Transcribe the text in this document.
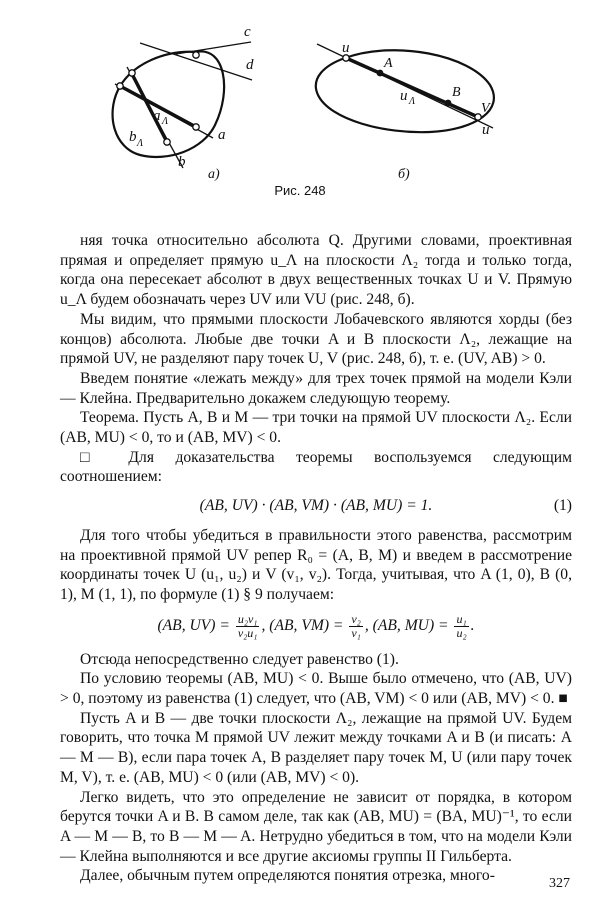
c
d
a Λ
b Λ
a
b
а)
u
A
u Λ
B
V
u
б)
Рис. 248

няя точка относительно абсолюта Q. Другими словами, проективная прямая и определяет прямую u_Λ на плоскости Λ₂ тогда и только тогда, когда она пересекает абсолют в двух вещественных точках U и V. Прямую u_Λ будем обозначать через UV или VU (рис. 248, б).

Мы видим, что прямыми плоскости Лобачевского являются хорды (без концов) абсолюта. Любые две точки A и B плоскости Λ₂, лежащие на прямой UV, не разделяют пару точек U, V (рис. 248, б), т. е. (UV, AB) > 0.

Введем понятие «лежать между» для трех точек прямой на модели Кэли — Клейна. Предварительно докажем следующую теорему.

Теорема. Пусть A, B и M — три точки на прямой UV плоскости Λ₂. Если (AB, MU) < 0, то и (AB, MV) < 0.

□ Для доказательства теоремы воспользуемся следующим соотношением:

(AB, UV) · (AB, VM) · (AB, MU) = 1.	(1)

Для того чтобы убедиться в правильности этого равенства, рассмотрим на проективной прямой UV репер R₀ = (A, B, M) и введем в рассмотрение координаты точек U (u₁, u₂) и V (v₁, v₂). Тогда, учитывая, что A (1, 0), B (0, 1), M (1, 1), по формуле (1) § 9 получаем:

(AB, $UV) = \frac{\text{u₂v₁}}{\text{v₂u₁}}$ , (AB, $VM) = \frac{\text{v₂}}{\text{v₁}}$ , (AB, $MU) = \frac{\text{u₁}}{\text{u₂}}$ .

Отсюда непосредственно следует равенство (1).

По условию теоремы (AB, MU) < 0. Выше было отмечено, что (AB, UV) > 0, поэтому из равенства (1) следует, что (AB, VM) < 0 или (AB, MV) < 0. ■

Пусть A и B — две точки плоскости Λ₂, лежащие на прямой UV. Будем говорить, что точка M прямой UV лежит между точками A и B (и писать: A — M — B), если пара точек A, B разделяет пару точек M, U (или пару точек M, V), т. е. (AB, MU) < 0 (или (AB, MV) < 0).

Легко видеть, что это определение не зависит от порядка, в котором берутся точки A и B. В самом деле, так как (AB, MU) = (BA, MU)⁻¹, то если A — M — B, то B — M — A. Нетрудно убедиться в том, что на модели Кэли — Клейна выполняются и все другие аксиомы группы II Гильберта.

Далее, обычным путем определяются понятия отрезка, много-	327
